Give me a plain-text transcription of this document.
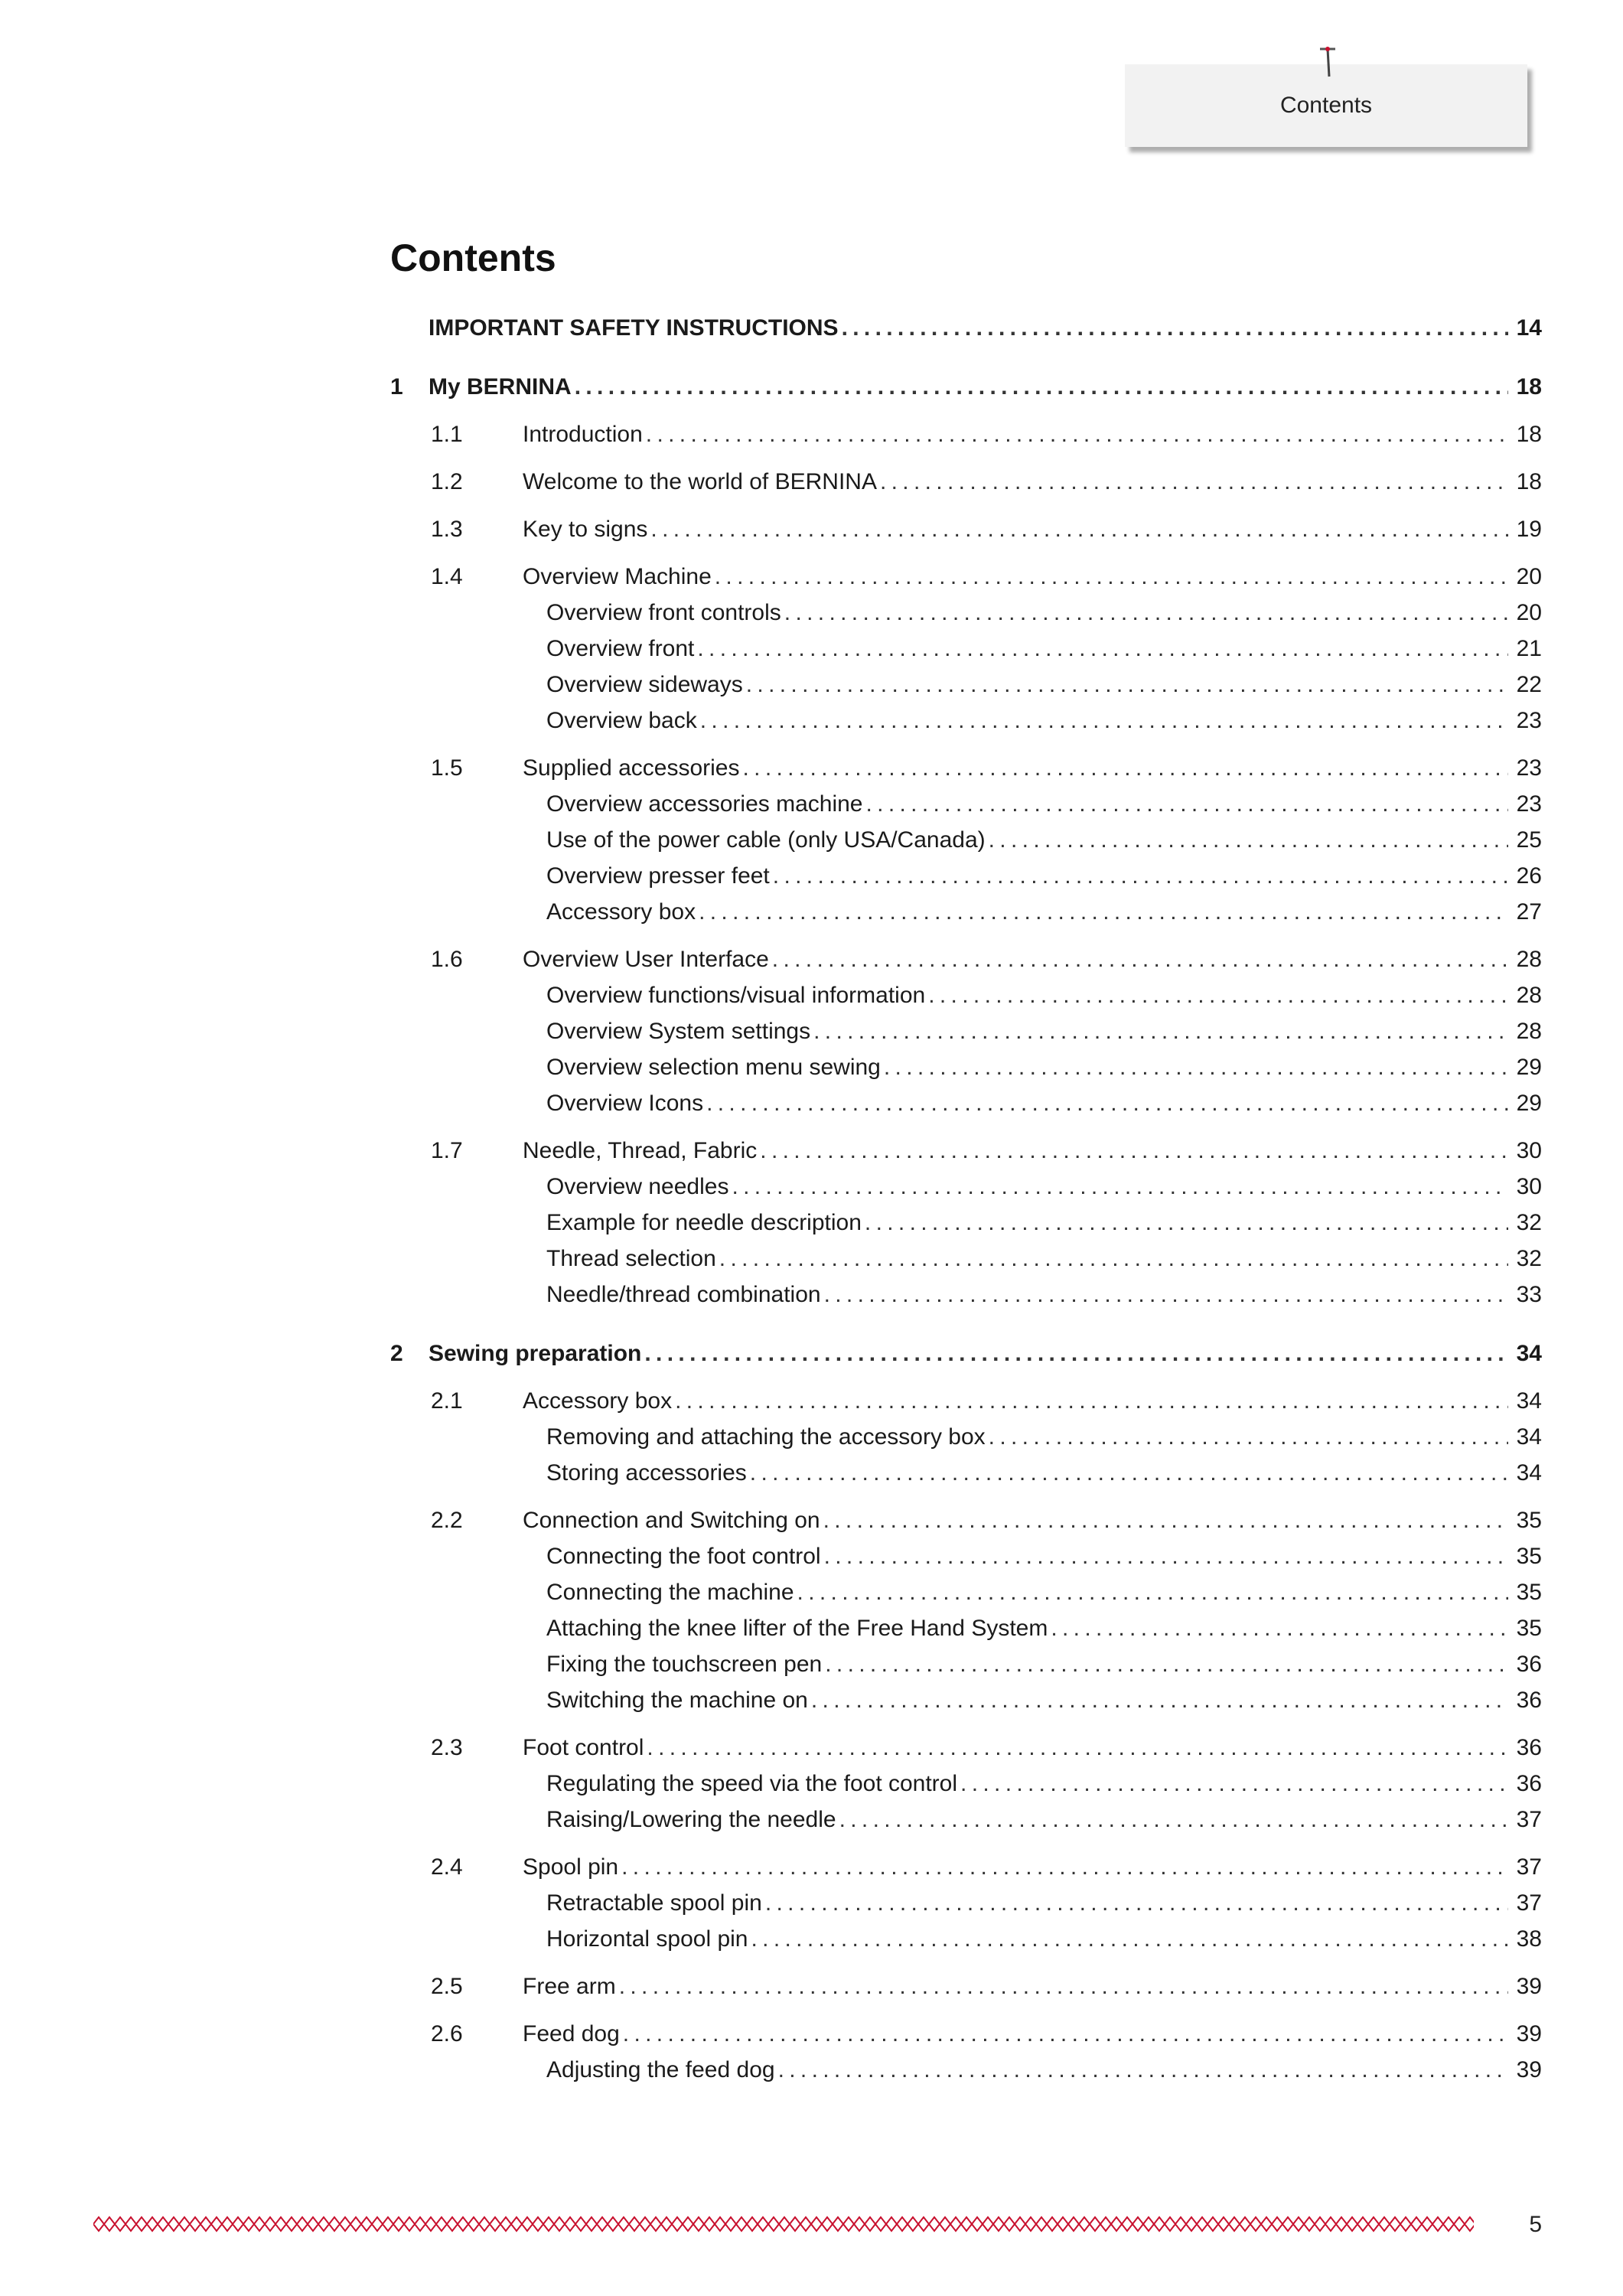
Contents
Contents
IMPORTANT SAFETY INSTRUCTIONS . . .	14
1	My BERNINA . . .	18
1.1	Introduction . . .	18
1.2	Welcome to the world of BERNINA . . .	18
1.3	Key to signs . . .	19
1.4	Overview Machine . . .	20
Overview front controls . . .	20
Overview front . . .	21
Overview sideways . . .	22
Overview back . . .	23
1.5	Supplied accessories . . .	23
Overview accessories machine . . .	23
Use of the power cable (only USA/Canada) . . .	25
Overview presser feet . . .	26
Accessory box . . .	27
1.6	Overview User Interface . . .	28
Overview functions/visual information . . .	28
Overview System settings . . .	28
Overview selection menu sewing . . .	29
Overview Icons . . .	29
1.7	Needle, Thread, Fabric . . .	30
Overview needles . . .	30
Example for needle description . . .	32
Thread selection . . .	32
Needle/thread combination . . .	33
2	Sewing preparation . . .	34
2.1	Accessory box . . .	34
Removing and attaching the accessory box . . .	34
Storing accessories . . .	34
2.2	Connection and Switching on . . .	35
Connecting the foot control . . .	35
Connecting the machine . . .	35
Attaching the knee lifter of the Free Hand System . . .	35
Fixing the touchscreen pen . . .	36
Switching the machine on . . .	36
2.3	Foot control . . .	36
Regulating the speed via the foot control . . .	36
Raising/Lowering the needle . . .	37
2.4	Spool pin . . .	37
Retractable spool pin . . .	37
Horizontal spool pin . . .	38
2.5	Free arm . . .	39
2.6	Feed dog . . .	39
Adjusting the feed dog . . .	39
5
